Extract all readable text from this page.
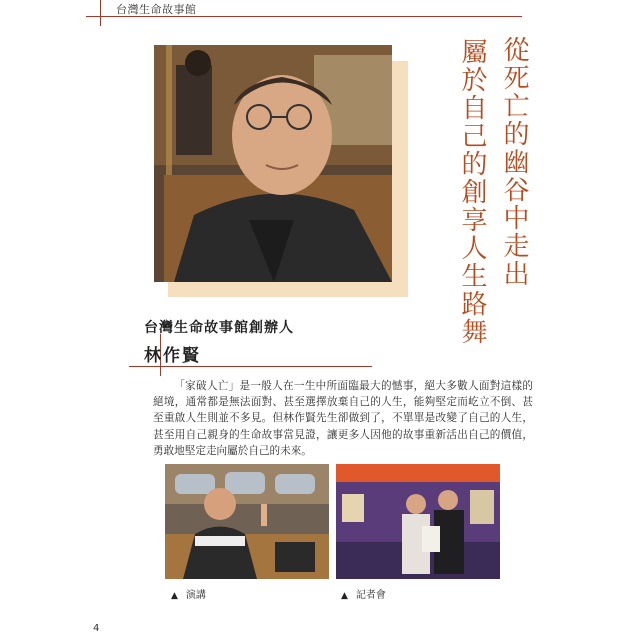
台灣生命故事館
從死亡的幽谷中走出
屬於自己的創享人生路舞
台灣生命故事館創辦人
林作賢

「家破人亡」是一般人在一生中所面臨最大的憾事，絕大多數人面對這樣的絕境，通常都是無法面對、甚至選擇放棄自己的人生，能夠堅定而屹立不倒、甚至重啟人生則並不多見。但林作賢先生卻做到了，不單單是改變了自己的人生，甚至用自己親身的生命故事當見證，讓更多人因他的故事重新活出自己的價值，勇敢地堅定走向屬於自己的未來。

▲ 演講	▲ 記者會
4
